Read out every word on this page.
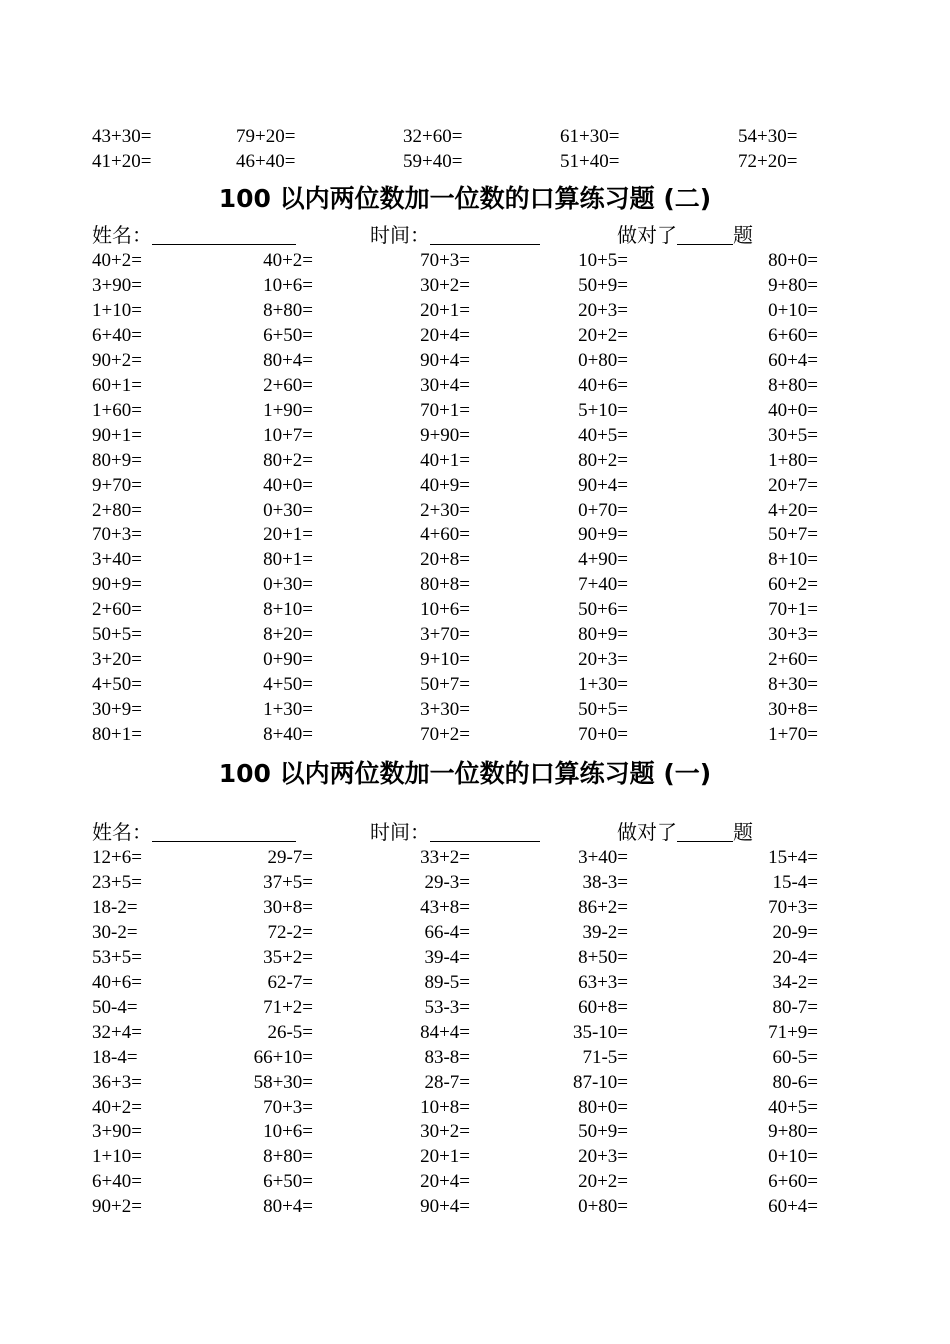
43+30=	79+20=	32+60=	61+30=	54+30=
41+20=	46+40=	59+40=	51+40=	72+20=
100 以内两位数加一位数的口算练习题 (二)
姓名：	时间：	做对了	题
40+2=	40+2=	70+3=	10+5=	80+0=
3+90=	10+6=	30+2=	50+9=	9+80=
1+10=	8+80=	20+1=	20+3=	0+10=
6+40=	6+50=	20+4=	20+2=	6+60=
90+2=	80+4=	90+4=	0+80=	60+4=
60+1=	2+60=	30+4=	40+6=	8+80=
1+60=	1+90=	70+1=	5+10=	40+0=
90+1=	10+7=	9+90=	40+5=	30+5=
80+9=	80+2=	40+1=	80+2=	1+80=
9+70=	40+0=	40+9=	90+4=	20+7=
2+80=	0+30=	2+30=	0+70=	4+20=
70+3=	20+1=	4+60=	90+9=	50+7=
3+40=	80+1=	20+8=	4+90=	8+10=
90+9=	0+30=	80+8=	7+40=	60+2=
2+60=	8+10=	10+6=	50+6=	70+1=
50+5=	8+20=	3+70=	80+9=	30+3=
3+20=	0+90=	9+10=	20+3=	2+60=
4+50=	4+50=	50+7=	1+30=	8+30=
30+9=	1+30=	3+30=	50+5=	30+8=
80+1=	8+40=	70+2=	70+0=	1+70=
100 以内两位数加一位数的口算练习题 (一)
姓名：	时间：	做对了	题
12+6=	29-7=	33+2=	3+40=	15+4=
23+5=	37+5=	29-3=	38-3=	15-4=
18-2=	30+8=	43+8=	86+2=	70+3=
30-2=	72-2=	66-4=	39-2=	20-9=
53+5=	35+2=	39-4=	8+50=	20-4=
40+6=	62-7=	89-5=	63+3=	34-2=
50-4=	71+2=	53-3=	60+8=	80-7=
32+4=	26-5=	84+4=	35-10=	71+9=
18-4=	66+10=	83-8=	71-5=	60-5=
36+3=	58+30=	28-7=	87-10=	80-6=
40+2=	70+3=	10+8=	80+0=	40+5=
3+90=	10+6=	30+2=	50+9=	9+80=
1+10=	8+80=	20+1=	20+3=	0+10=
6+40=	6+50=	20+4=	20+2=	6+60=
90+2=	80+4=	90+4=	0+80=	60+4=
